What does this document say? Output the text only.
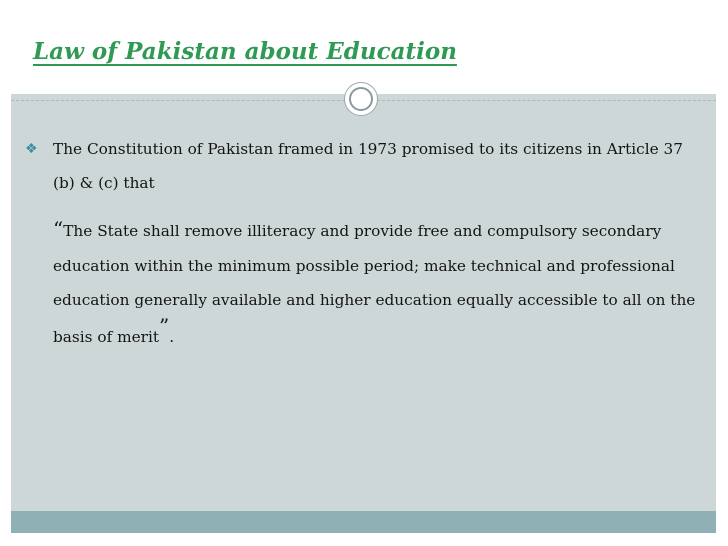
Law of Pakistan about Education
❖ The Constitution of Pakistan framed in 1973 promised to its citizens in Article 37 (b) & (c) that
“The State shall remove illiteracy and provide free and compulsory secondary education within the minimum possible period; make technical and professional education generally available and higher education equally accessible to all on the basis of merit”.
